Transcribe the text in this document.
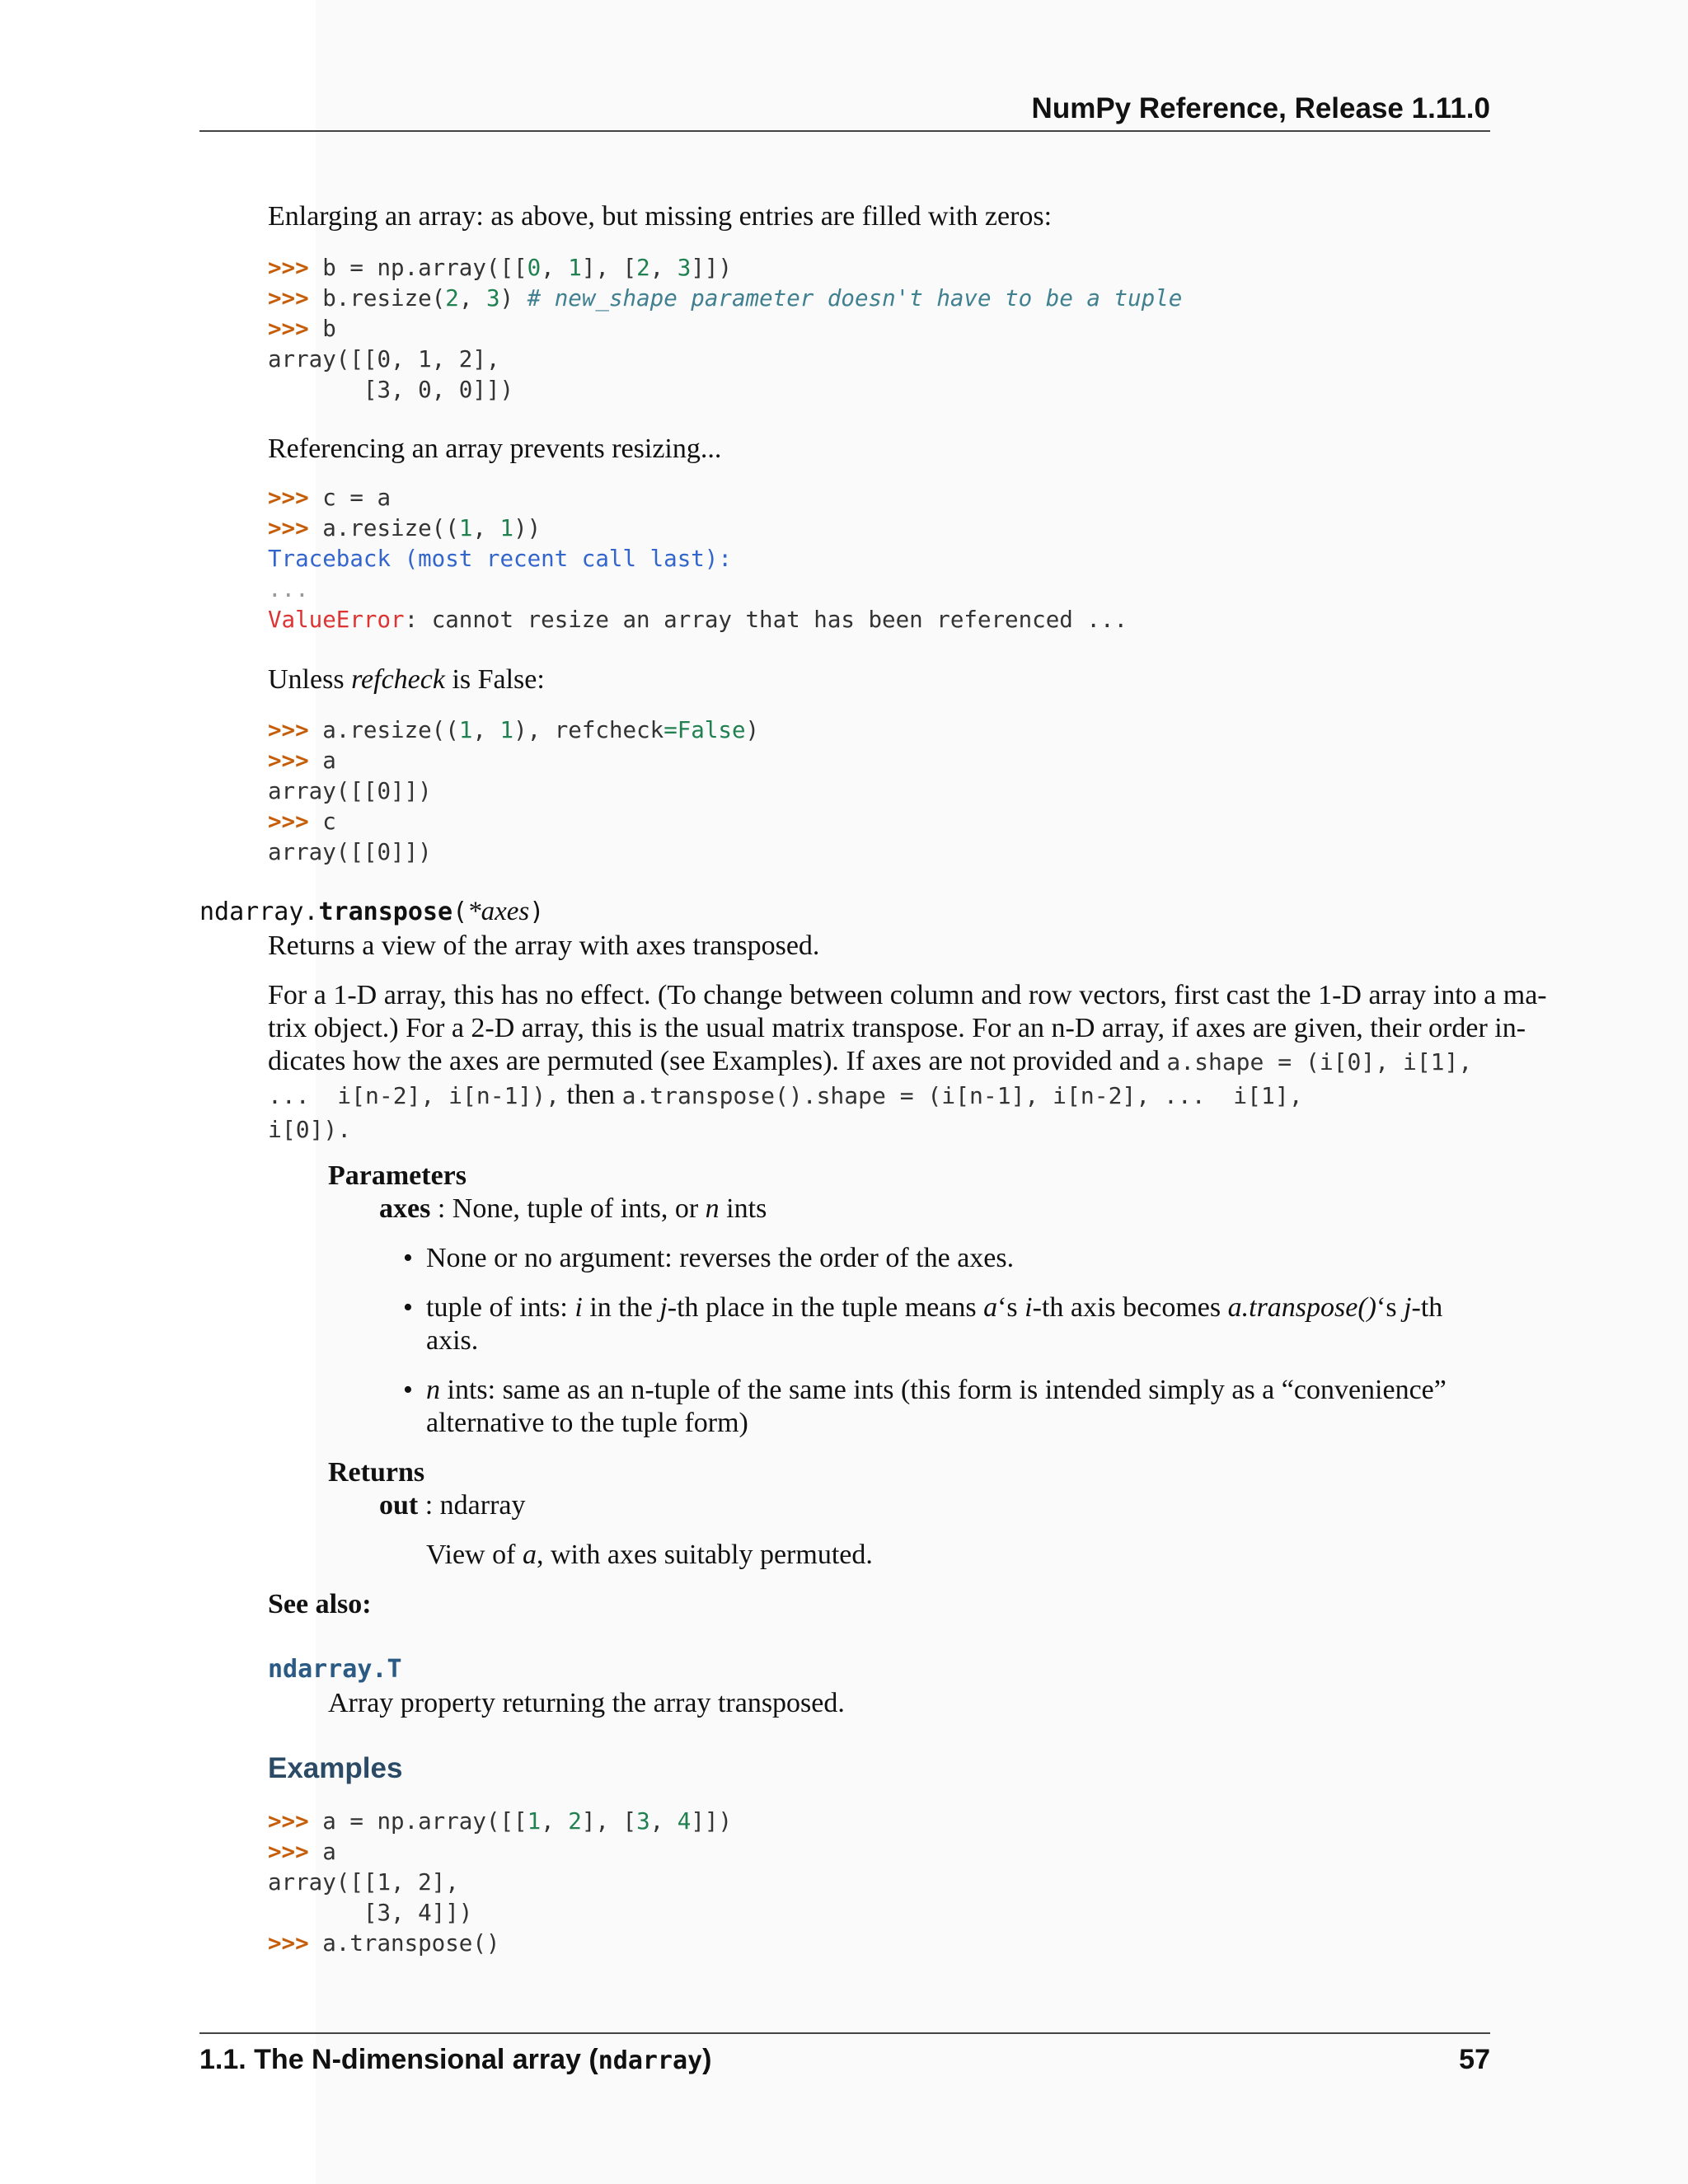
NumPy Reference, Release 1.11.0
Enlarging an array: as above, but missing entries are filled with zeros:
>>> b = np.array([[0, 1], [2, 3]])
>>> b.resize(2, 3) # new_shape parameter doesn't have to be a tuple
>>> b
array([[0, 1, 2],
[3, 0, 0]])
Referencing an array prevents resizing...
>>> c = a
>>> a.resize((1, 1))
Traceback (most recent call last):
...
ValueError: cannot resize an array that has been referenced ...
Unless refcheck is False:
>>> a.resize((1, 1), refcheck=False)
>>> a
array([[0]])
>>> c
array([[0]])
ndarray.transpose(*axes)
Returns a view of the array with axes transposed.
For a 1-D array, this has no effect. (To change between column and row vectors, first cast the 1-D array into a ma-
trix object.) For a 2-D array, this is the usual matrix transpose. For an n-D array, if axes are given, their order in-
dicates how the axes are permuted (see Examples). If axes are not provided and a.shape = (i[0], i[1],
...  i[n-2], i[n-1]), then a.transpose().shape = (i[n-1], i[n-2], ...  i[1],
i[0]).
Parameters
axes : None, tuple of ints, or n ints
• None or no argument: reverses the order of the axes.
• tuple of ints: i in the j-th place in the tuple means a‘s i-th axis becomes a.transpose()‘s j-th
axis.
• n ints: same as an n-tuple of the same ints (this form is intended simply as a “convenience”
alternative to the tuple form)
Returns
out : ndarray
View of a, with axes suitably permuted.
See also:
ndarray.T
Array property returning the array transposed.
Examples
>>> a = np.array([[1, 2], [3, 4]])
>>> a
array([[1, 2],
[3, 4]])
>>> a.transpose()
1.1. The N-dimensional array (ndarray)	57
